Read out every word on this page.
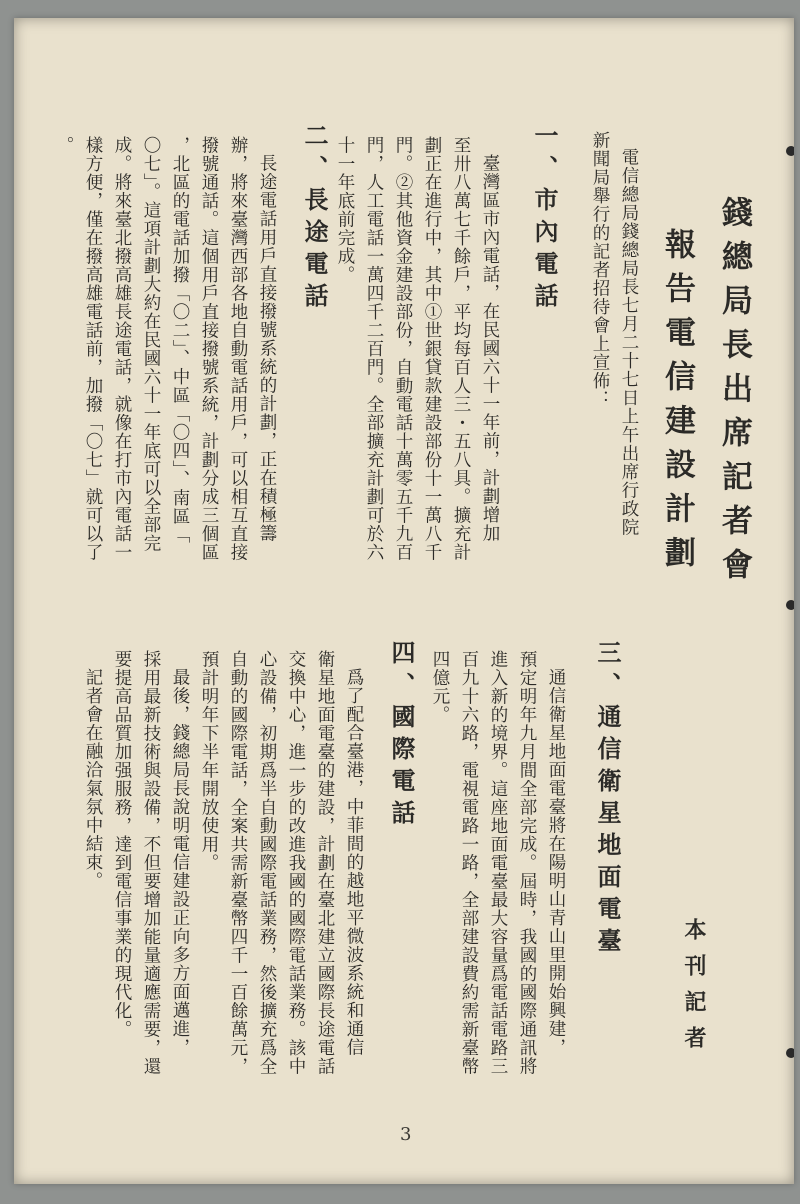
錢總局長出席記者會
報告電信建設計劃
本刊記者
電信總局錢總局長七月二十七日上午出席行政院
新聞局舉行的記者招待會上宣佈：
一、市內電話
臺灣區市內電話，在民國六十一年前，計劃增加
至卅八萬七千餘戶，平均每百人三・五八具。擴充計
劃正在進行中，其中①世銀貸款建設部份十一萬八千
門。②其他資金建設部份，自動電話十萬零五千九百
門，人工電話一萬四千二百門。全部擴充計劃可於六
十一年底前完成。
二、長途電話
長途電話用戶直接撥號系統的計劃，正在積極籌
辦，將來臺灣西部各地自動電話用戶，可以相互直接
撥號通話。這個用戶直接撥號系統，計劃分成三個區
，北區的電話加撥「〇二」、中區「〇四」、南區「
〇七」。這項計劃大約在民國六十一年底可以全部完
成。將來臺北撥高雄長途電話，就像在打市內電話一
樣方便，僅在撥高雄電話前，加撥「〇七」就可以了
。
三、通信衛星地面電臺
通信衛星地面電臺將在陽明山青山里開始興建，
預定明年九月間全部完成。屆時，我國的國際通訊將
進入新的境界。這座地面電臺最大容量爲電話電路三
百九十六路，電視電路一路，全部建設費約需新臺幣
四億元。
四、國際電話
爲了配合臺港，中菲間的越地平微波系統和通信
衛星地面電臺的建設，計劃在臺北建立國際長途電話
交換中心，進一步的改進我國的國際電話業務。該中
心設備，初期爲半自動國際電話業務，然後擴充爲全
自動的國際電話，全案共需新臺幣四千一百餘萬元，
預計明年下半年開放使用。
最後，錢總局長說明電信建設正向多方面邁進，
採用最新技術與設備，不但要增加能量適應需要，還
要提高品質加强服務，達到電信事業的現代化。
記者會在融洽氣氛中結束。
3
